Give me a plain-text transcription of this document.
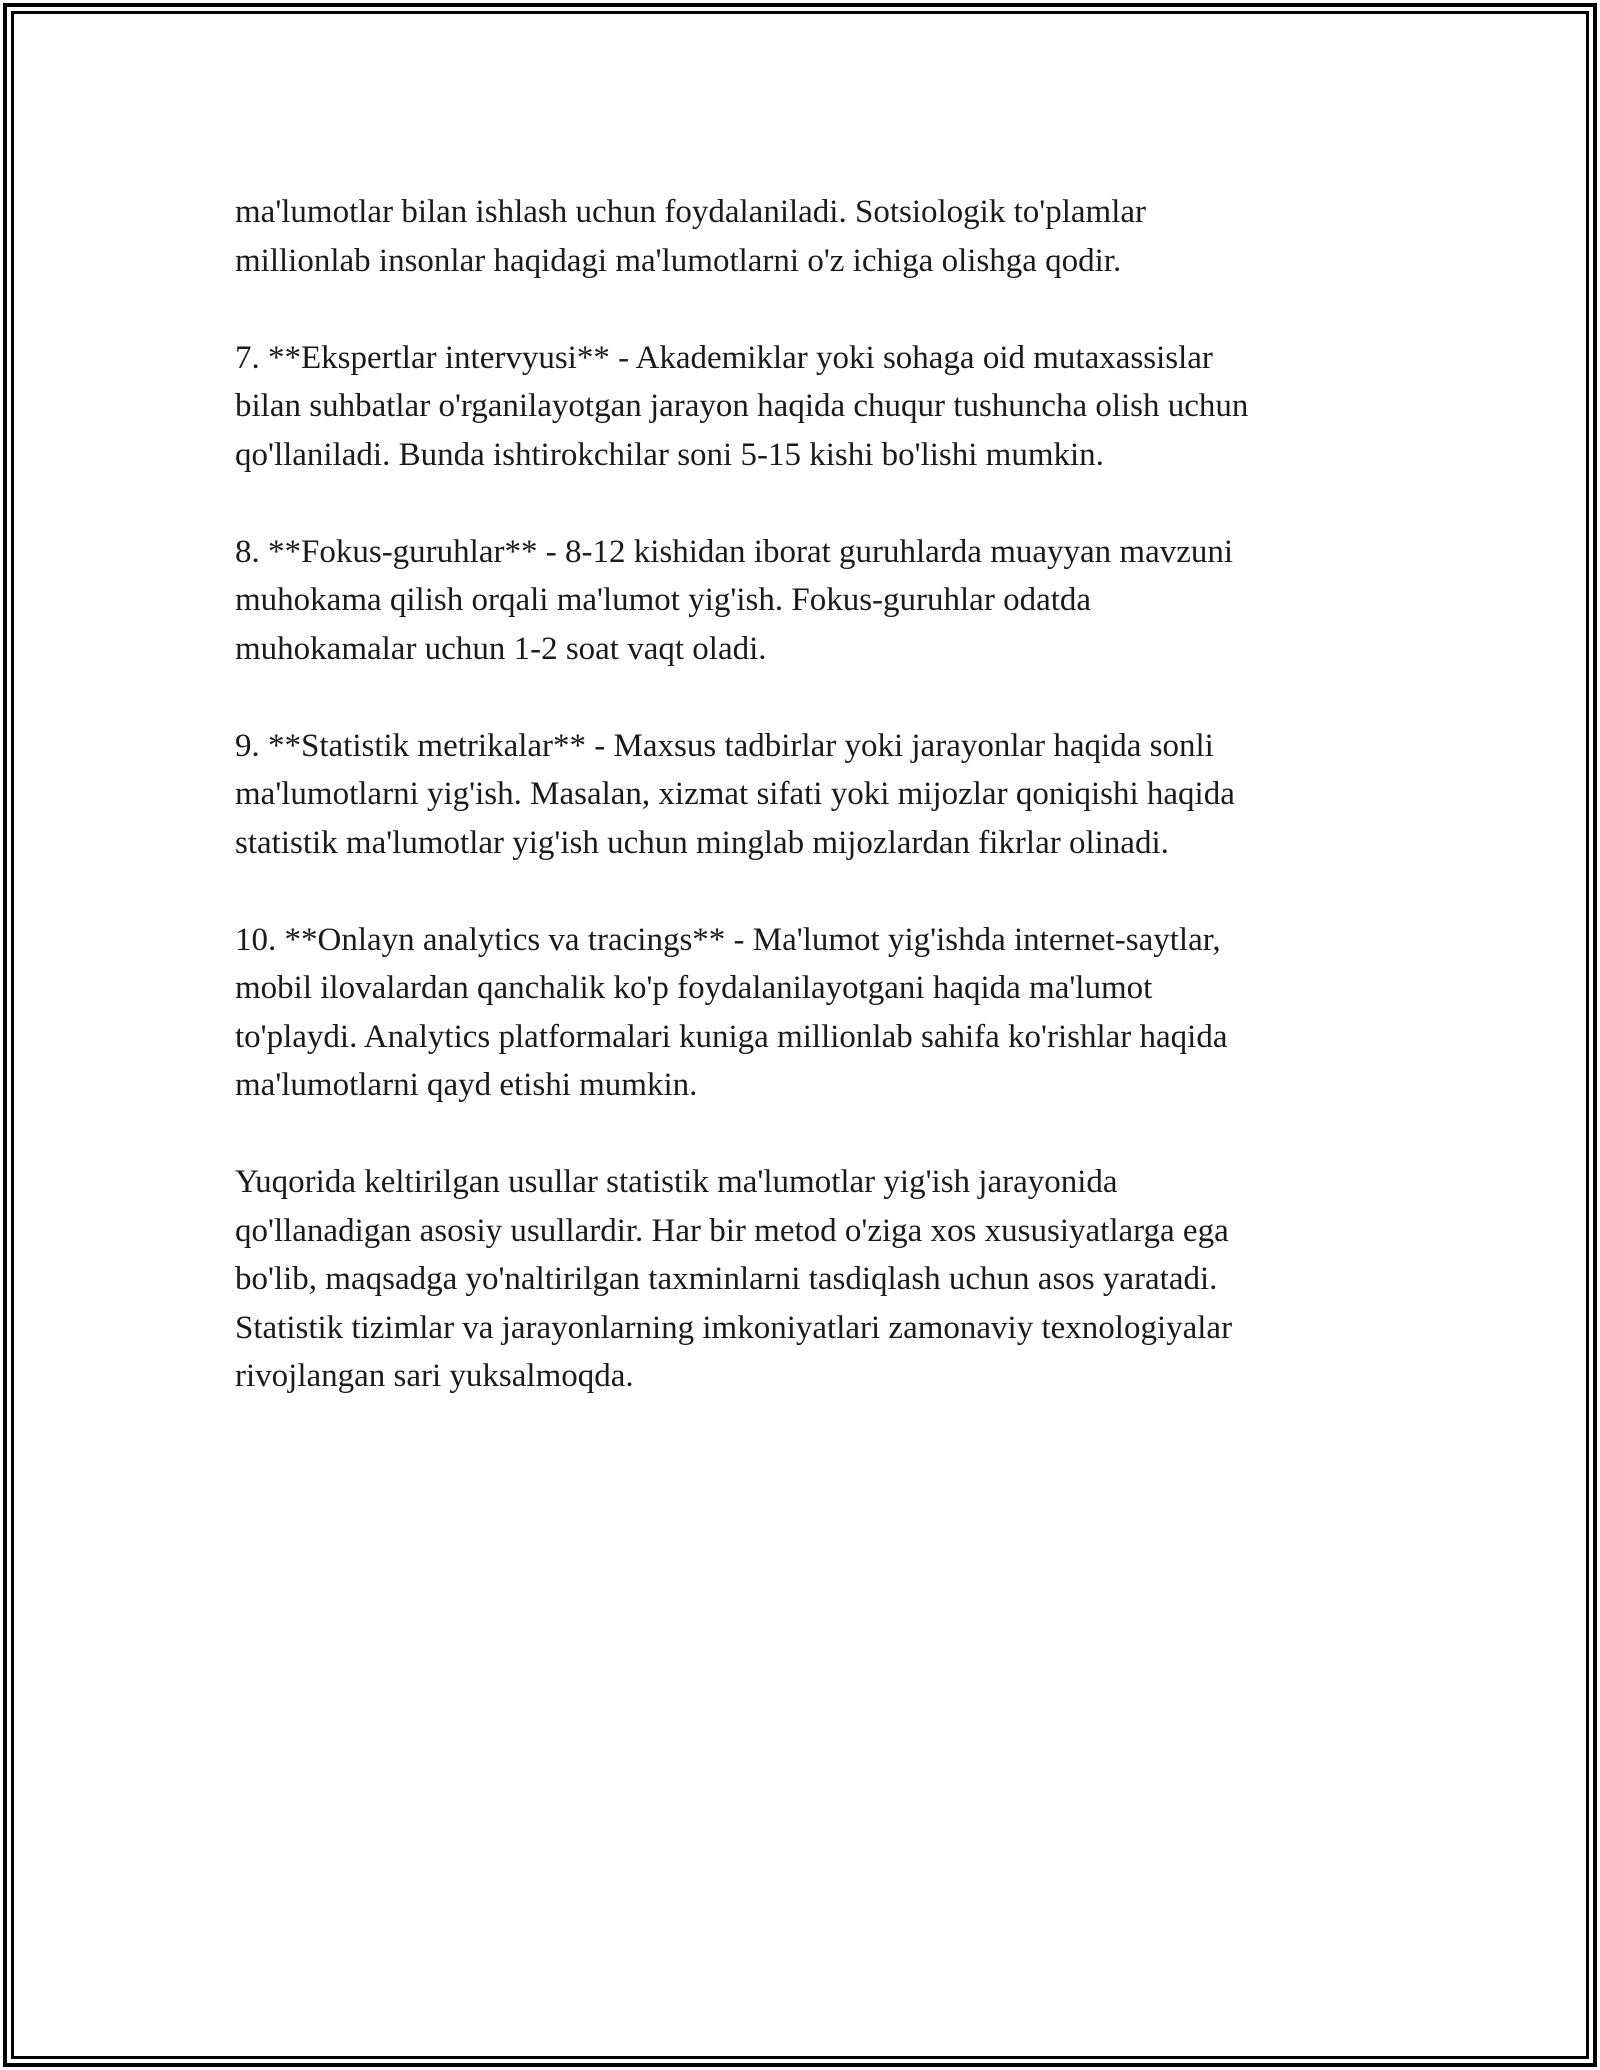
ma'lumotlar bilan ishlash uchun foydalaniladi. Sotsiologik to'plamlar
millionlab insonlar haqidagi ma'lumotlarni o'z ichiga olishga qodir.

7. **Ekspertlar intervyusi** - Akademiklar yoki sohaga oid mutaxassislar
bilan suhbatlar o'rganilayotgan jarayon haqida chuqur tushuncha olish uchun
qo'llaniladi. Bunda ishtirokchilar soni 5-15 kishi bo'lishi mumkin.

8. **Fokus-guruhlar** - 8-12 kishidan iborat guruhlarda muayyan mavzuni
muhokama qilish orqali ma'lumot yig'ish. Fokus-guruhlar odatda
muhokamalar uchun 1-2 soat vaqt oladi.

9. **Statistik metrikalar** - Maxsus tadbirlar yoki jarayonlar haqida sonli
ma'lumotlarni yig'ish. Masalan, xizmat sifati yoki mijozlar qoniqishi haqida
statistik ma'lumotlar yig'ish uchun minglab mijozlardan fikrlar olinadi.

10. **Onlayn analytics va tracings** - Ma'lumot yig'ishda internet-saytlar,
mobil ilovalardan qanchalik ko'p foydalanilayotgani haqida ma'lumot
to'playdi. Analytics platformalari kuniga millionlab sahifa ko'rishlar haqida
ma'lumotlarni qayd etishi mumkin.

Yuqorida keltirilgan usullar statistik ma'lumotlar yig'ish jarayonida
qo'llanadigan asosiy usullardir. Har bir metod o'ziga xos xususiyatlarga ega
bo'lib, maqsadga yo'naltirilgan taxminlarni tasdiqlash uchun asos yaratadi.
Statistik tizimlar va jarayonlarning imkoniyatlari zamonaviy texnologiyalar
rivojlangan sari yuksalmoqda.
